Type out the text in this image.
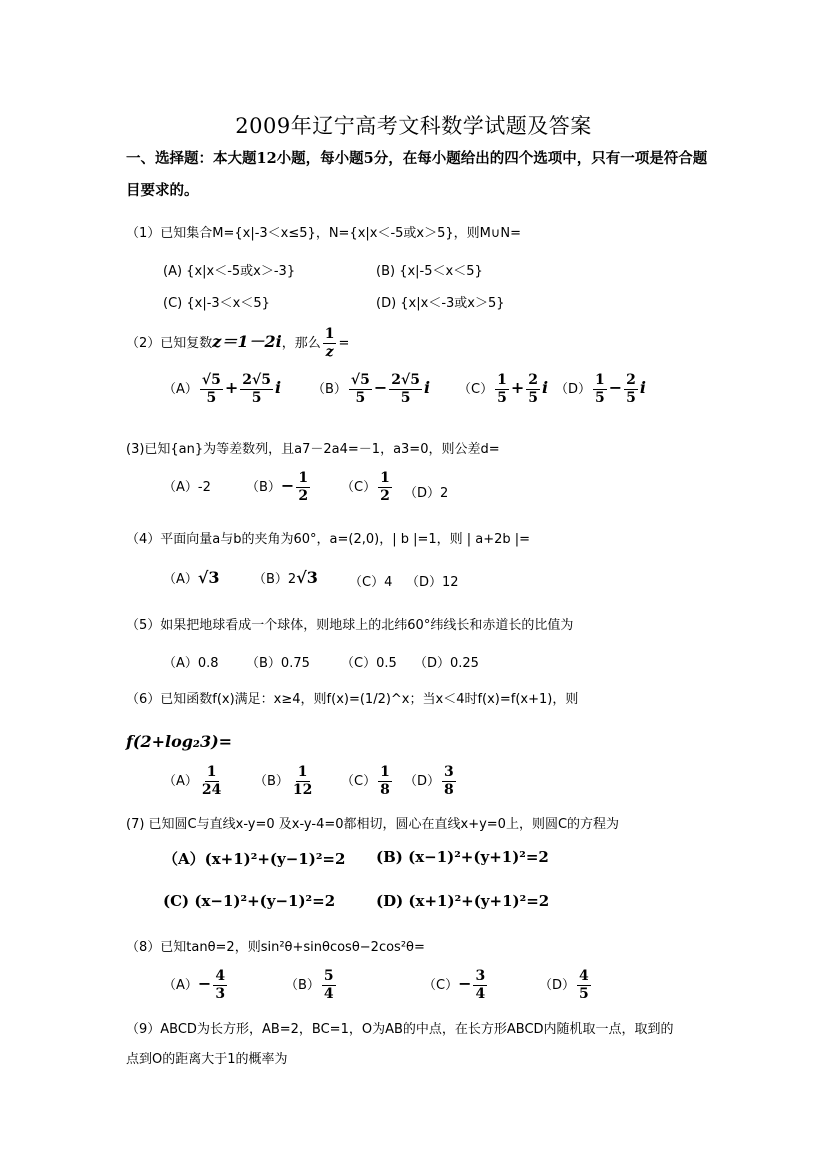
2009年辽宁高考文科数学试题及答案
一、选择题：本大题12小题，每小题5分，在每小题给出的四个选项中，只有一项是符合题目要求的。
（1）已知集合M={x|-3＜x≤5}，N={x|x＜-5或x＞5}，则M∪N=
(A) {x|x＜-5或x＞-3}	(B) {x|-5＜x＜5}
(C) {x|-3＜x＜5}	(D) {x|x＜-3或x＞5}
（2）已知复数z＝1－2i，那么 $\frac{1}{z}$ =
$(A) \frac{√5}{5} + \frac{2√5}{5}$ i $(B) \frac{√5}{5} - \frac{2√5}{5}$ i $(C) \frac{1}{5} + \frac{2}{5}$ i $(D) \frac{1}{5} - \frac{2}{5}$ i
(3)已知{an}为等差数列，且a7－2a4=－1，a3=0，则公差d=
（A）-2	$(B)- \frac{1}{2} (C) \frac{1}{2} (D)2$
（4）平面向量a与b的夹角为60°，a=(2,0)，| b |=1，则 | a+2b |=
（A）√3	（B）2√3 （C）4 （D）12
（5）如果把地球看成一个球体，则地球上的北纬60°纬线长和赤道长的比值为
（A）0.8 （B）0.75 （C）0.5 （D）0.25
（6）已知函数f(x)满足：x≥4，则f(x)=(1/2)^x；当x＜4时f(x)=f(x+1)，则
f(2+log₂3)=
$(A) \frac{1}{24} (B) \frac{1}{12} (C) \frac{1}{8} (D) \frac{3}{8}$
(7) 已知圆C与直线x-y=0 及x-y-4=0都相切，圆心在直线x+y=0上，则圆C的方程为
（A）(x+1)²+(y−1)²=2 (B) (x−1)²+(y+1)²=2
(C) (x−1)²+(y−1)²=2	(D) (x+1)²+(y+1)²=2
（8）已知tanθ=2，则sin²θ+sinθcosθ−2cos²θ=
$(A)- \frac{4}{3}$	$(B) \frac{5}{4}$	$(C)- \frac{3}{4}$	$(D) \frac{4}{5}$
（9）ABCD为长方形，AB=2，BC=1，O为AB的中点，在长方形ABCD内随机取一点，取到的
点到O的距离大于1的概率为
